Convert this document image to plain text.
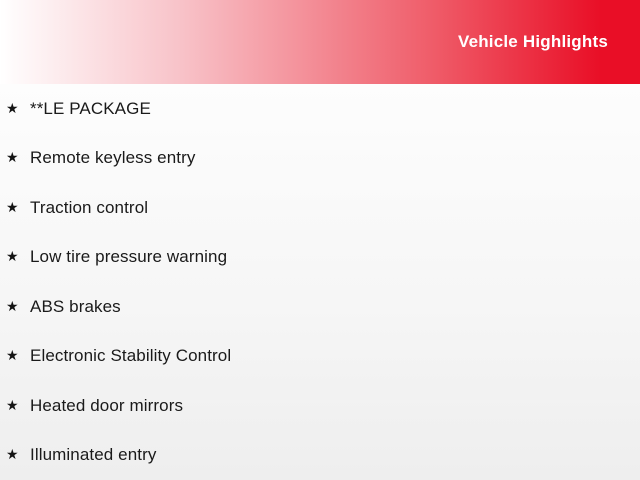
Vehicle Highlights
★ **LE PACKAGE
★ Remote keyless entry
★ Traction control
★ Low tire pressure warning
★ ABS brakes
★ Electronic Stability Control
★ Heated door mirrors
★ Illuminated entry
